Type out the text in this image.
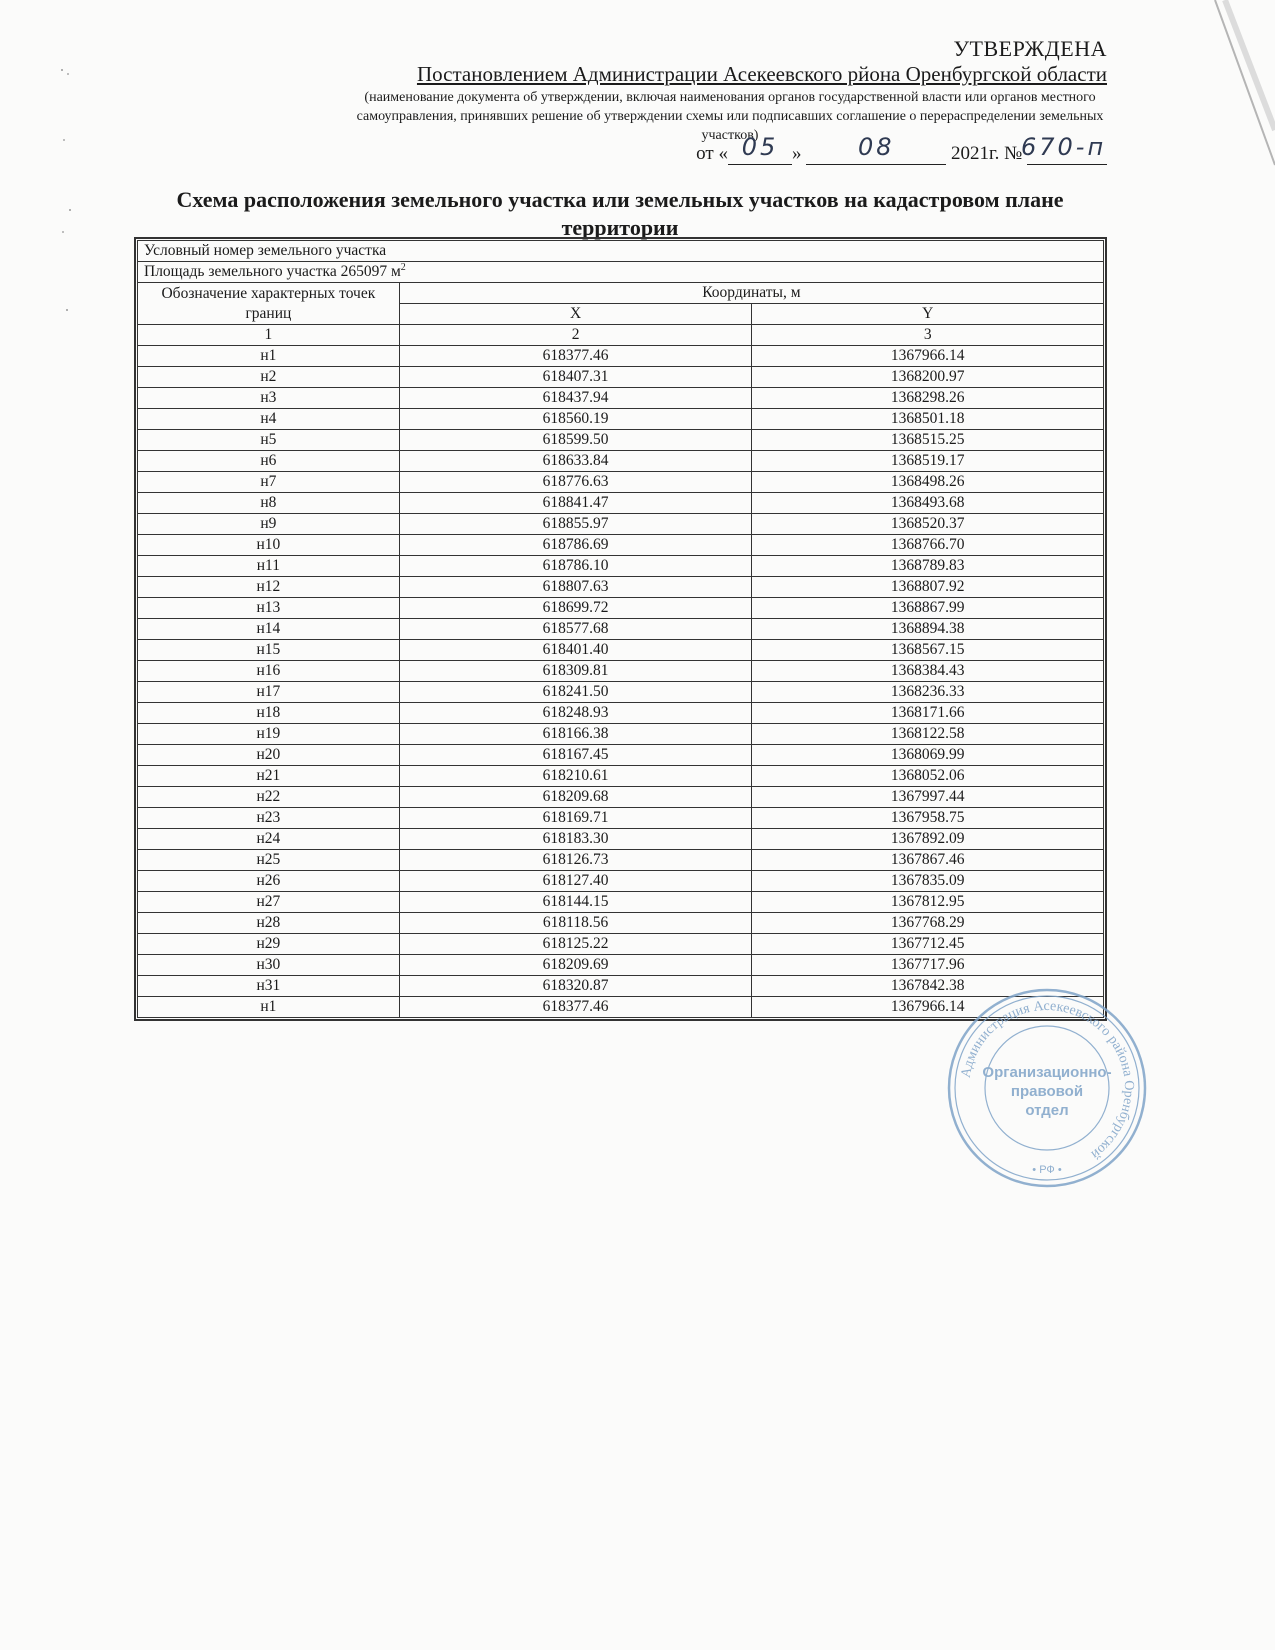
УТВЕРЖДЕНА
Постановлением Администрации Асекеевского рйона Оренбургской области
(наименование документа об утверждении, включая наименования органов государственной власти или органов местного самоуправления, принявших решение об утверждении схемы или подписавших соглашение о перераспределении земельных участков)
от « 05 »	08	2021г. №
670-п
Схема расположения земельного участка или земельных участков на кадастровом плане территории
Условный номер земельного участка		
Площадь земельного участка 265097 $м^2$
Обозначение характерных точек границ	Координаты, м	
	X	Y
1	2	3
н1	618377.46	1367966.14
н2	618407.31	1368200.97
н3	618437.94	1368298.26
н4	618560.19	1368501.18
н5	618599.50	1368515.25
н6	618633.84	1368519.17
н7	618776.63	1368498.26
н8	618841.47	1368493.68
н9	618855.97	1368520.37
н10	618786.69	1368766.70
н11	618786.10	1368789.83
н12	618807.63	1368807.92
н13	618699.72	1368867.99
н14	618577.68	1368894.38
н15	618401.40	1368567.15
н16	618309.81	1368384.43
н17	618241.50	1368236.33
н18	618248.93	1368171.66
н19	618166.38	1368122.58
н20	618167.45	1368069.99
н21	618210.61	1368052.06
н22	618209.68	1367997.44
н23	618169.71	1367958.75
н24	618183.30	1367892.09
н25	618126.73	1367867.46
н26	618127.40	1367835.09
н27	618144.15	1367812.95
н28	618118.56	1367768.29
н29	618125.22	1367712.45
н30	618209.69	1367717.96
н31	618320.87	1367842.38
н1	618377.46	1367966.14
Администрация Асекеевского района Оренбургской
• РФ •
Организационно-
правовой
отдел
